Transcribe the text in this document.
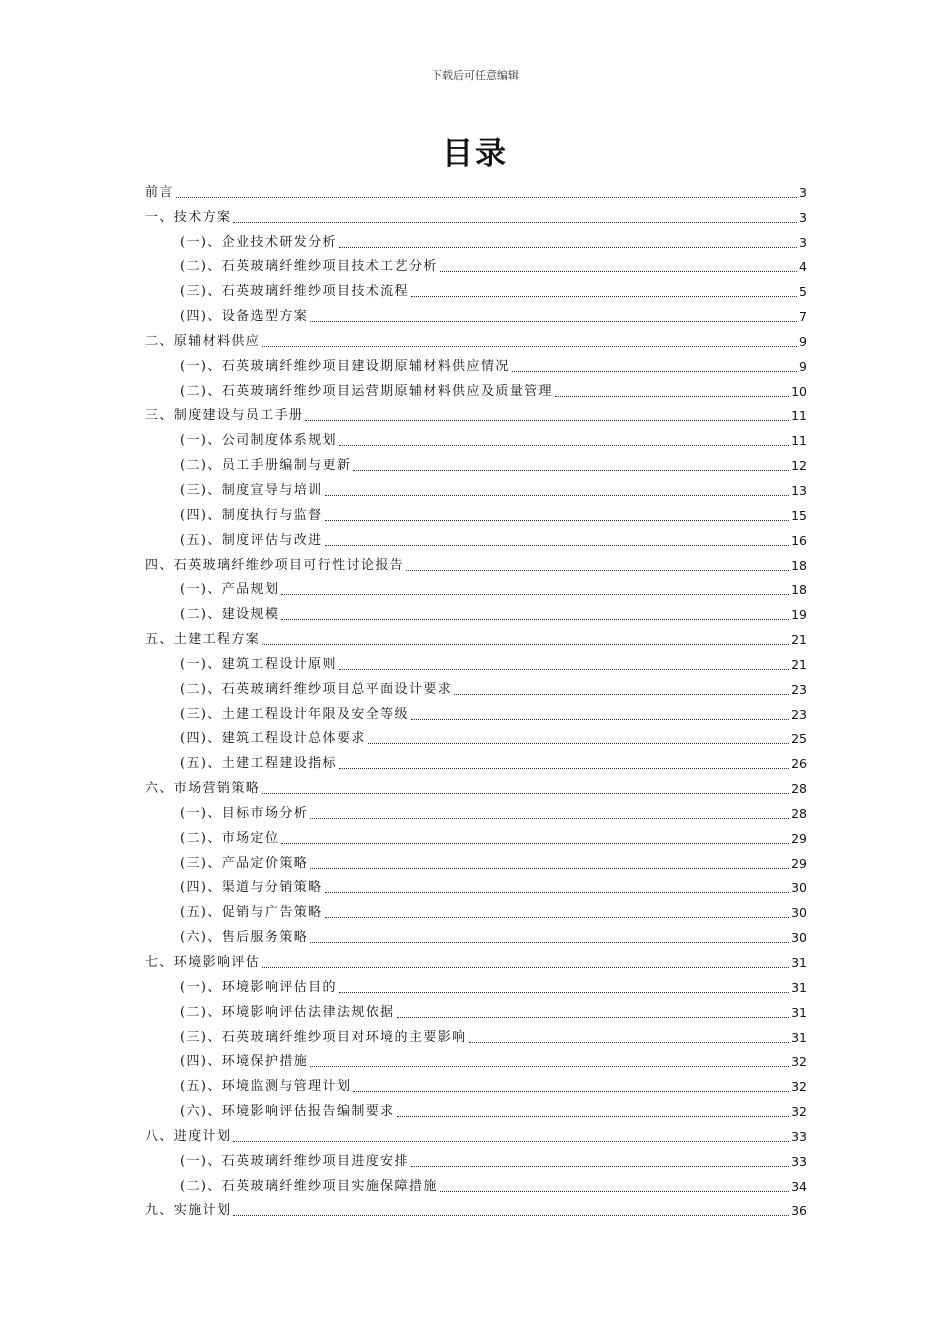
下载后可任意编辑
目录
前言	3
一、技术方案	3
(一)、企业技术研发分析	3
(二)、石英玻璃纤维纱项目技术工艺分析	4
(三)、石英玻璃纤维纱项目技术流程	5
(四)、设备选型方案	7
二、原辅材料供应	9
(一)、石英玻璃纤维纱项目建设期原辅材料供应情况	9
(二)、石英玻璃纤维纱项目运营期原辅材料供应及质量管理	10
三、制度建设与员工手册	11
(一)、公司制度体系规划	11
(二)、员工手册编制与更新	12
(三)、制度宣导与培训	13
(四)、制度执行与监督	15
(五)、制度评估与改进	16
四、石英玻璃纤维纱项目可行性讨论报告	18
(一)、产品规划	18
(二)、建设规模	19
五、土建工程方案	21
(一)、建筑工程设计原则	21
(二)、石英玻璃纤维纱项目总平面设计要求	23
(三)、土建工程设计年限及安全等级	23
(四)、建筑工程设计总体要求	25
(五)、土建工程建设指标	26
六、市场营销策略	28
(一)、目标市场分析	28
(二)、市场定位	29
(三)、产品定价策略	29
(四)、渠道与分销策略	30
(五)、促销与广告策略	30
(六)、售后服务策略	30
七、环境影响评估	31
(一)、环境影响评估目的	31
(二)、环境影响评估法律法规依据	31
(三)、石英玻璃纤维纱项目对环境的主要影响	31
(四)、环境保护措施	32
(五)、环境监测与管理计划	32
(六)、环境影响评估报告编制要求	32
八、进度计划	33
(一)、石英玻璃纤维纱项目进度安排	33
(二)、石英玻璃纤维纱项目实施保障措施	34
九、实施计划	36
